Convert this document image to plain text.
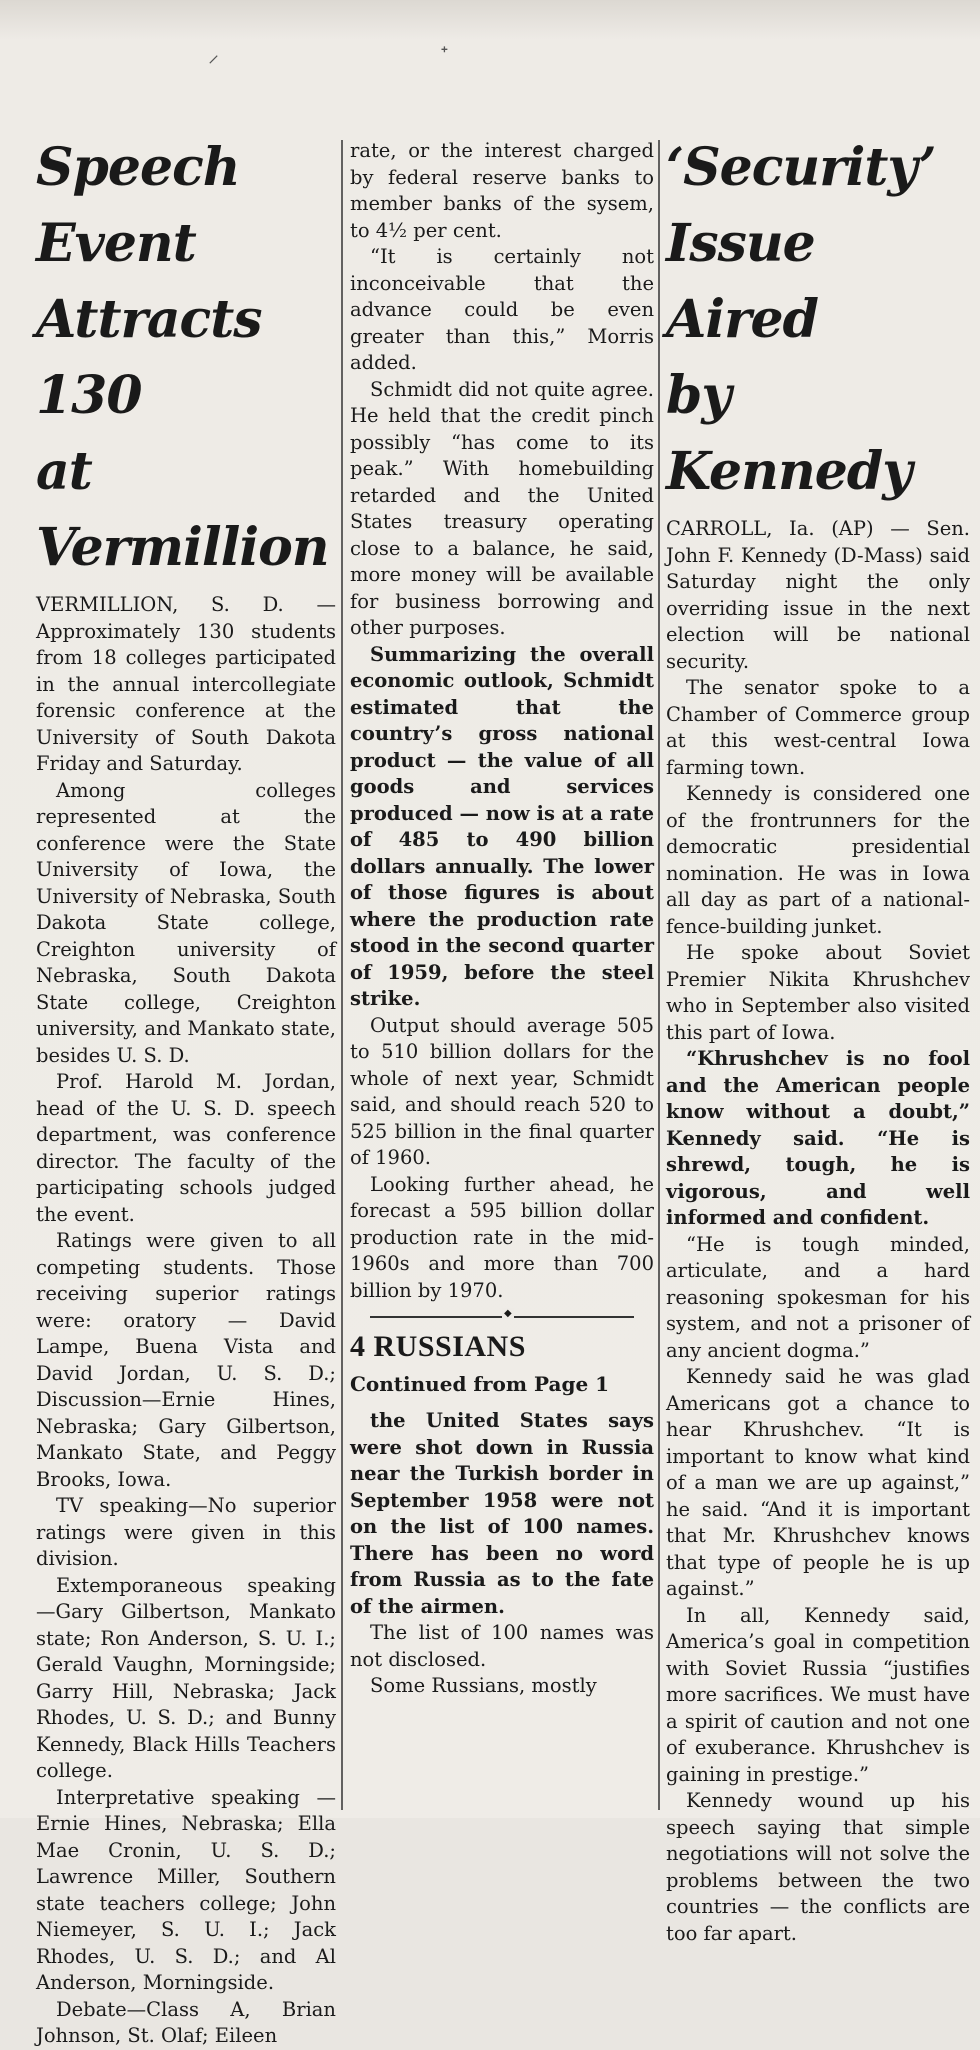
⸍	ᐩ
Speech Event
Attracts 130
at Vermillion

VERMILLION, S. D. — Approximately 130 students from 18 colleges participated in the annual intercollegiate forensic conference at the University of South Dakota Friday and Saturday.

Among colleges represented at the conference were the State University of Iowa, the University of Nebraska, South Dakota State college, Creighton university of Nebraska, South Dakota State college, Creighton university, and Mankato state, besides U. S. D.

Prof. Harold M. Jordan, head of the U. S. D. speech department, was conference director. The faculty of the participating schools judged the event.

Ratings were given to all competing students. Those receiving superior ratings were: oratory — David Lampe, Buena Vista and David Jordan, U. S. D.; Discussion—Ernie Hines, Nebraska; Gary Gilbertson, Mankato State, and Peggy Brooks, Iowa.

TV speaking—No superior ratings were given in this division.

Extemporaneous speaking —Gary Gilbertson, Mankato state; Ron Anderson, S. U. I.; Gerald Vaughn, Morningside; Garry Hill, Nebraska; Jack Rhodes, U. S. D.; and Bunny Kennedy, Black Hills Teachers college.

Interpretative speaking — Ernie Hines, Nebraska; Ella Mae Cronin, U. S. D.; Lawrence Miller, Southern state teachers college; John Niemeyer, S. U. I.; Jack Rhodes, U. S. D.; and Al Anderson, Morningside.

Debate—Class A, Brian Johnson, St. Olaf; Eileen

rate, or the interest charged by federal reserve banks to member banks of the sysem, to 4½ per cent.

“It is certainly not inconceivable that the advance could be even greater than this,” Morris added.

Schmidt did not quite agree. He held that the credit pinch possibly “has come to its peak.” With homebuilding retarded and the United States treasury operating close to a balance, he said, more money will be available for business borrowing and other purposes.

Summarizing the overall economic outlook, Schmidt estimated that the country’s gross national product — the value of all goods and services produced — now is at a rate of 485 to 490 billion dollars annually. The lower of those figures is about where the production rate stood in the second quarter of 1959, before the steel strike.

Output should average 505 to 510 billion dollars for the whole of next year, Schmidt said, and should reach 520 to 525 billion in the final quarter of 1960.

Looking further ahead, he forecast a 595 billion dollar production rate in the mid-1960s and more than 700 billion by 1970.

◆
4 RUSSIANS
Continued from Page 1

the United States says were shot down in Russia near the Turkish border in September 1958 were not on the list of 100 names. There has been no word from Russia as to the fate of the airmen.

The list of 100 names was not disclosed.

Some Russians, mostly

‘Security’
Issue Aired
by Kennedy

CARROLL, Ia. (AP) — Sen. John F. Kennedy (D-Mass) said Saturday night the only overriding issue in the next election will be national security.

The senator spoke to a Chamber of Commerce group at this west-central Iowa farming town.

Kennedy is considered one of the frontrunners for the democratic presidential nomination. He was in Iowa all day as part of a national-fence-building junket.

He spoke about Soviet Premier Nikita Khrushchev who in September also visited this part of Iowa.

“Khrushchev is no fool and the American people know without a doubt,” Kennedy said. “He is shrewd, tough, he is vigorous, and well informed and confident.

“He is tough minded, articulate, and a hard reasoning spokesman for his system, and not a prisoner of any ancient dogma.”

Kennedy said he was glad Americans got a chance to hear Khrushchev. “It is important to know what kind of a man we are up against,” he said. “And it is important that Mr. Khrushchev knows that type of people he is up against.”

In all, Kennedy said, America’s goal in competition with Soviet Russia “justifies more sacrifices. We must have a spirit of caution and not one of exuberance. Khrushchev is gaining in prestige.”

Kennedy wound up his speech saying that simple negotiations will not solve the problems between the two countries — the conflicts are too far apart.
